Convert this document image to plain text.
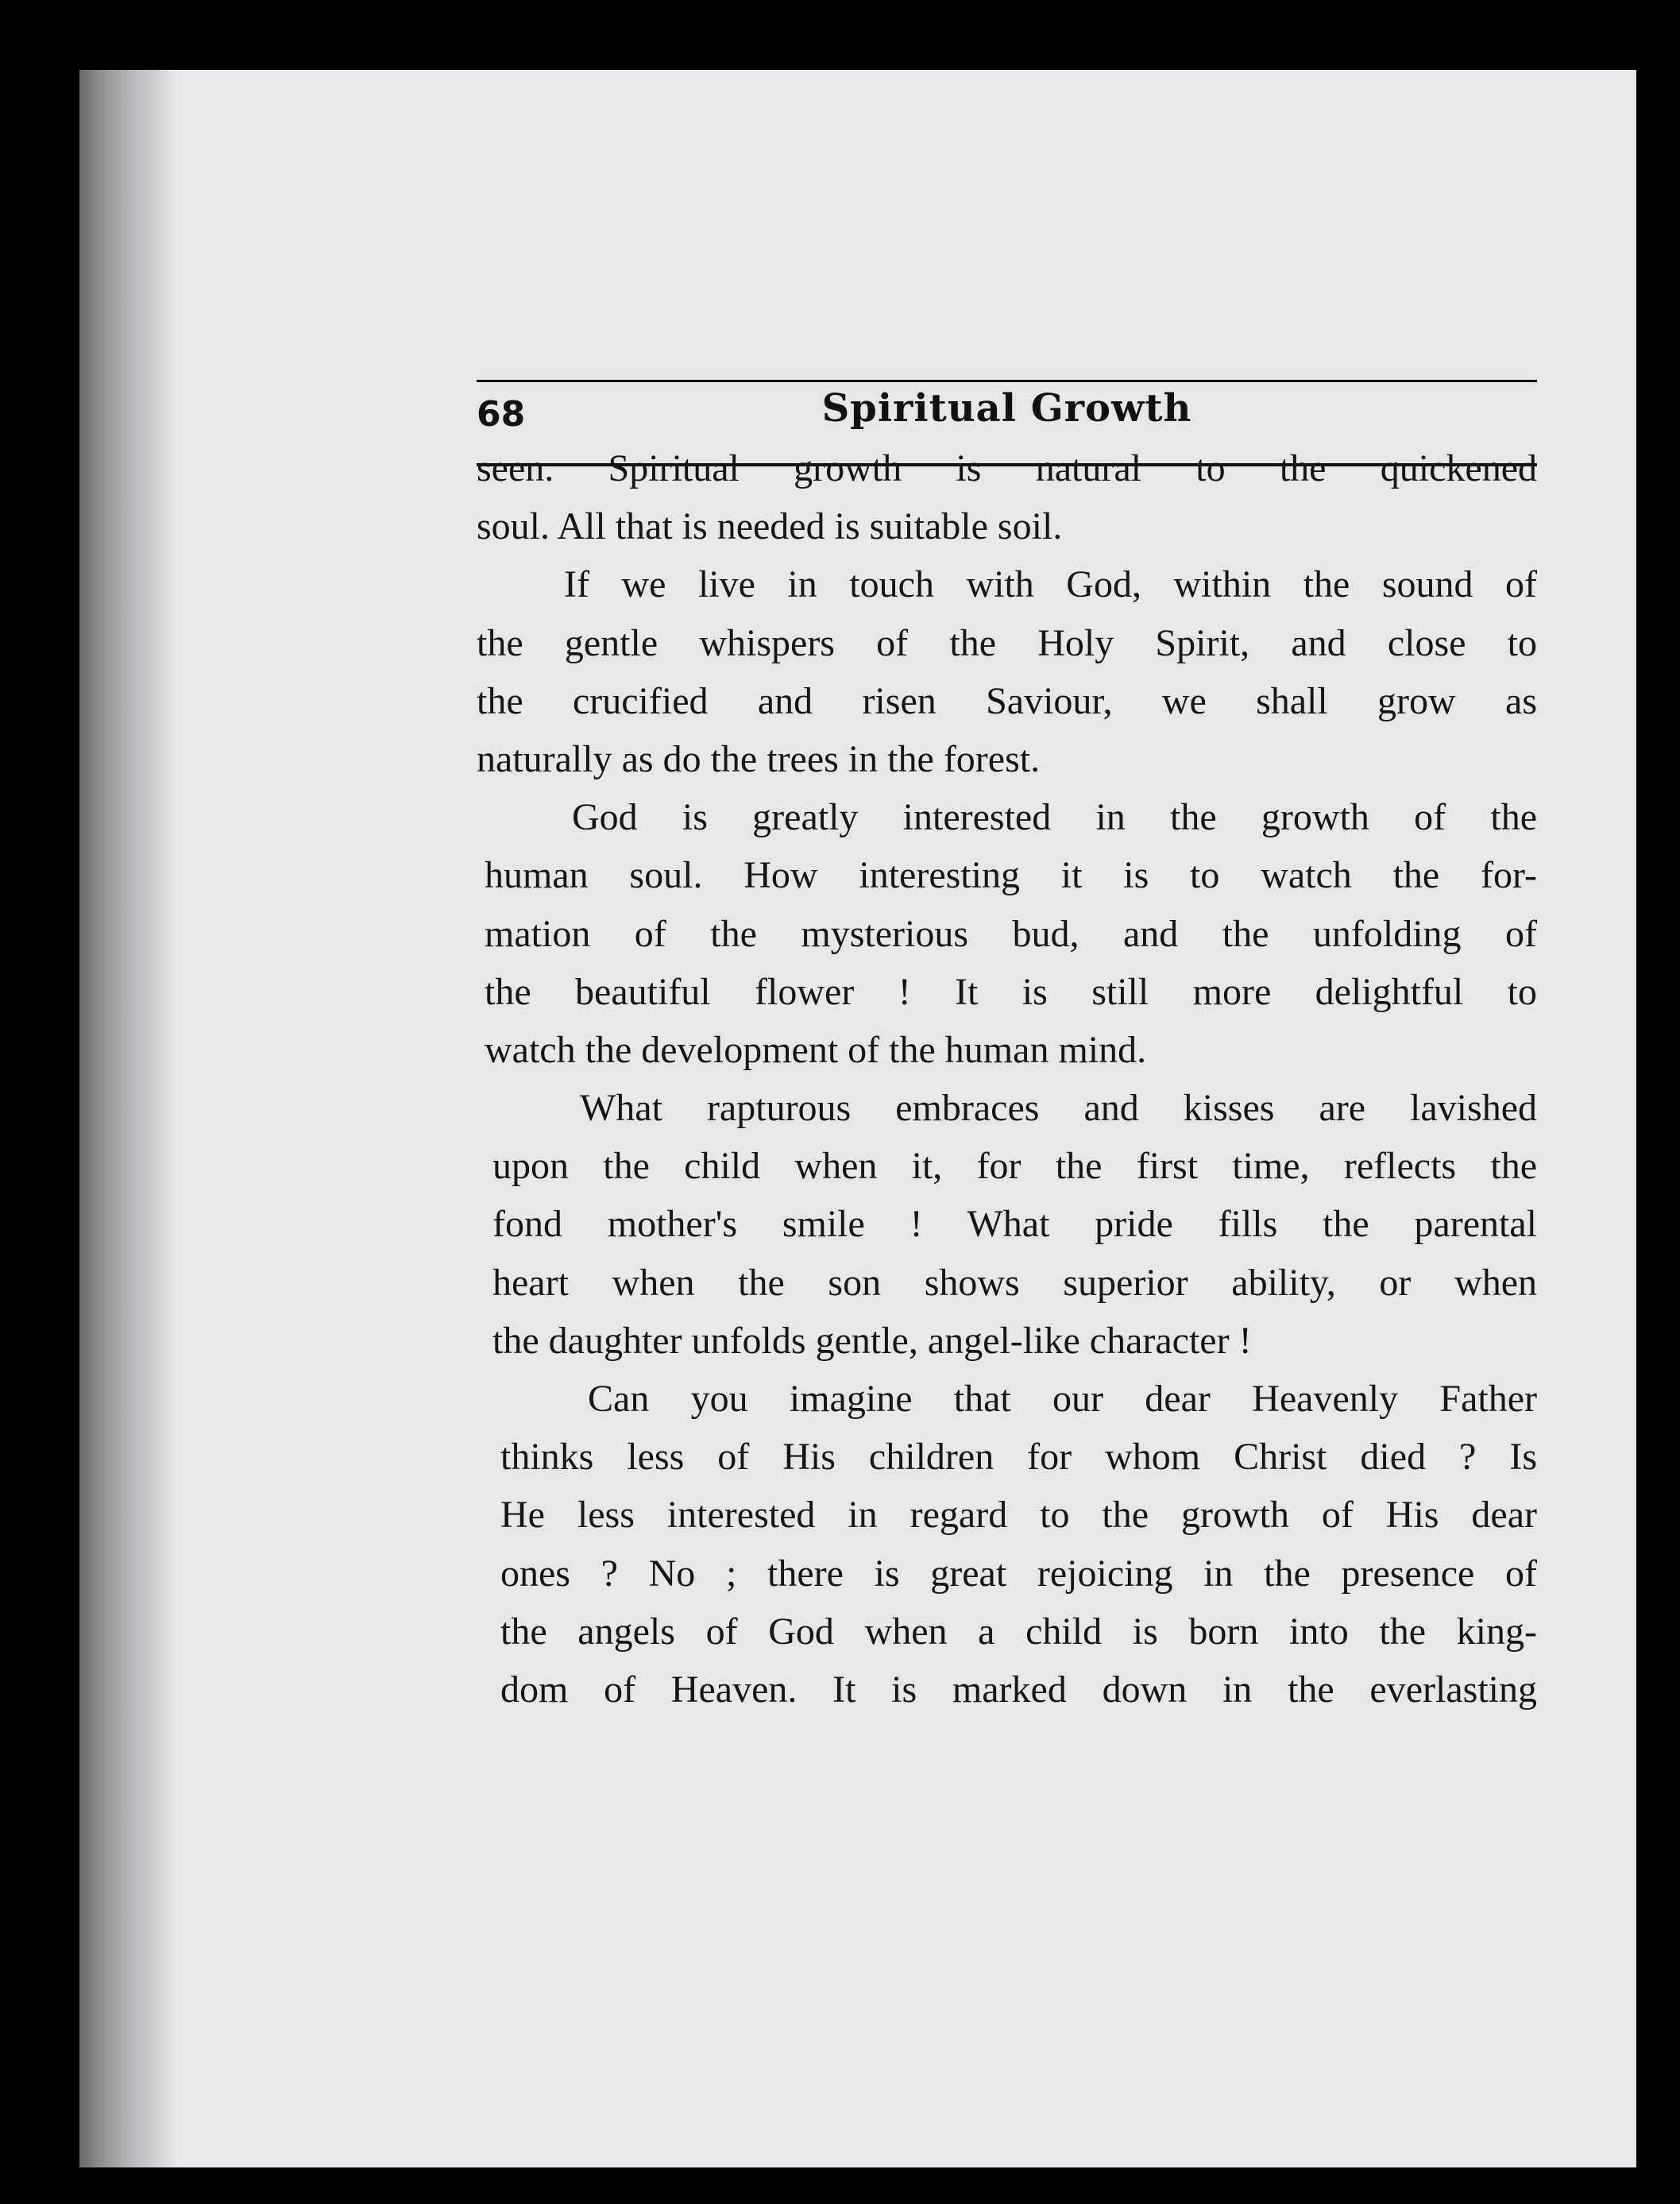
68	Spiritual Growth
seen. Spiritual growth is natural to the quickened
soul. All that is needed is suitable soil.
If we live in touch with God, within the sound of
the gentle whispers of the Holy Spirit, and close to
the crucified and risen Saviour, we shall grow as
naturally as do the trees in the forest.
God is greatly interested in the growth of the
human soul. How interesting it is to watch the for-
mation of the mysterious bud, and the unfolding of
the beautiful flower ! It is still more delightful to
watch the development of the human mind.
What rapturous embraces and kisses are lavished
upon the child when it, for the first time, reflects the
fond mother's smile ! What pride fills the parental
heart when the son shows superior ability, or when
the daughter unfolds gentle, angel-like character !
Can you imagine that our dear Heavenly Father
thinks less of His children for whom Christ died ? Is
He less interested in regard to the growth of His dear
ones ? No ; there is great rejoicing in the presence of
the angels of God when a child is born into the king-
dom of Heaven. It is marked down in the everlasting
